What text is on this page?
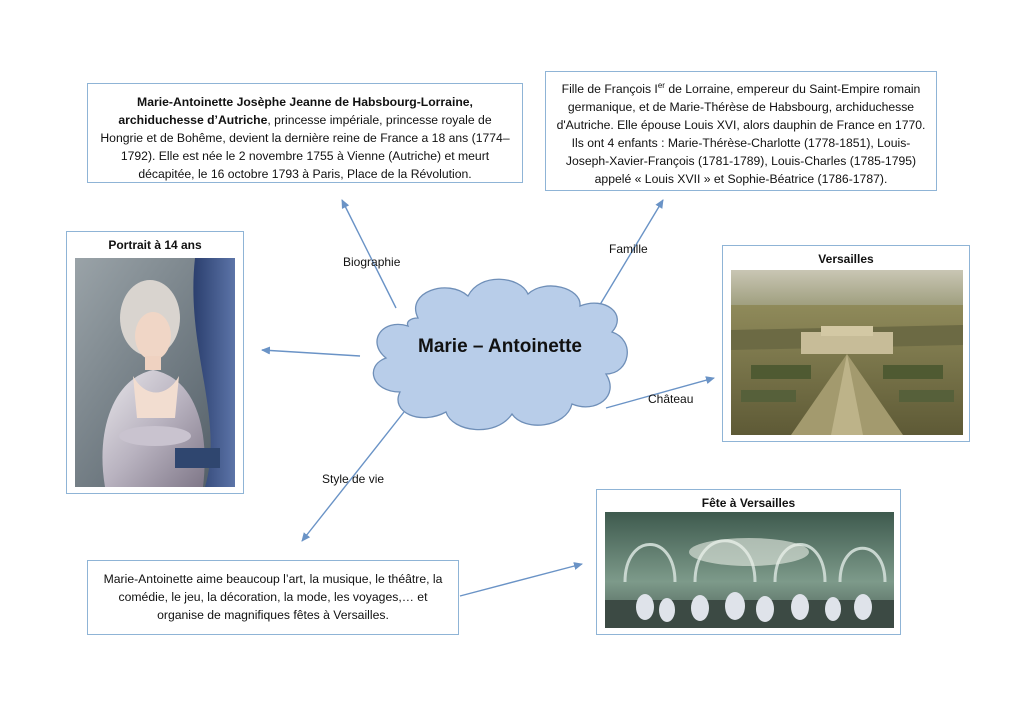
Marie – Antoinette
Biographie
Famille
Château
Style de vie
Marie-Antoinette Josèphe Jeanne de Habsbourg-Lorraine, archiduchesse d’Autriche, princesse impériale, princesse royale de Hongrie et de Bohême, devient la dernière reine de France a 18 ans (1774–1792). Elle est née le 2 novembre 1755 à Vienne (Autriche) et meurt décapitée, le 16 octobre 1793 à Paris, Place de la Révolution.
Fille de François Ier de Lorraine, empereur du Saint-Empire romain germanique, et de Marie-Thérèse de Habsbourg, archiduchesse d'Autriche. Elle épouse Louis XVI, alors dauphin de France en 1770. Ils ont 4 enfants : Marie-Thérèse-Charlotte (1778-1851), Louis-Joseph-Xavier-François (1781-1789), Louis-Charles (1785-1795) appelé « Louis XVII » et Sophie-Béatrice (1786-1787).
Portrait à 14 ans
Versailles
Fête à Versailles
Marie-Antoinette aime beaucoup l’art, la musique, le théâtre, la comédie, le jeu, la décoration, la mode, les voyages,… et organise de magnifiques fêtes à Versailles.
